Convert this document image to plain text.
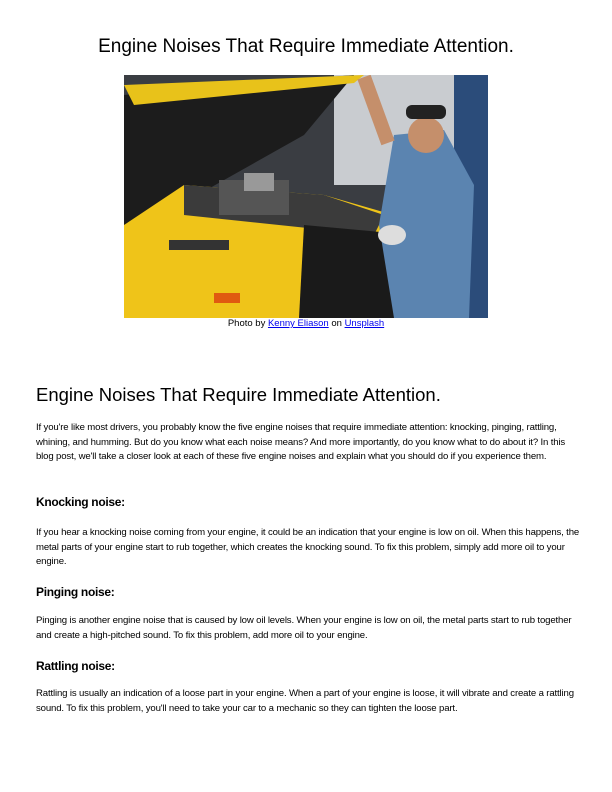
Engine Noises That Require Immediate Attention.
Photo by Kenny Eliason on Unsplash
Engine Noises That Require Immediate Attention.
If you're like most drivers, you probably know the five engine noises that require immediate attention: knocking, pinging, rattling, whining, and humming. But do you know what each noise means? And more importantly, do you know what to do about it? In this blog post, we'll take a closer look at each of these five engine noises and explain what you should do if you experience them.
Knocking noise:
If you hear a knocking noise coming from your engine, it could be an indication that your engine is low on oil. When this happens, the metal parts of your engine start to rub together, which creates the knocking sound. To fix this problem, simply add more oil to your engine.
Pinging noise:
Pinging is another engine noise that is caused by low oil levels. When your engine is low on oil, the metal parts start to rub together and create a high-pitched sound. To fix this problem, add more oil to your engine.
Rattling noise:
Rattling is usually an indication of a loose part in your engine. When a part of your engine is loose, it will vibrate and create a rattling sound. To fix this problem, you'll need to take your car to a mechanic so they can tighten the loose part.
